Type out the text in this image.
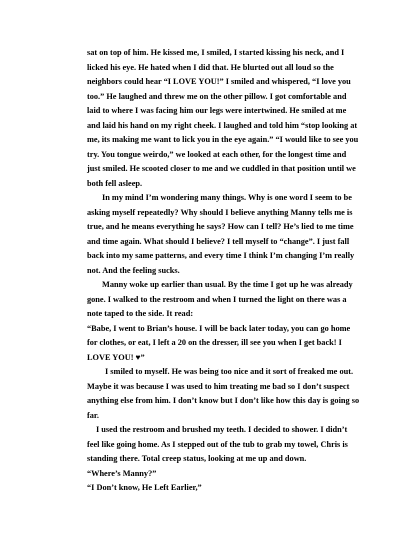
sat on top of him. He kissed me, I smiled, I started kissing his neck, and I
licked his eye. He hated when I did that. He blurted out all loud so the
neighbors could hear “I LOVE YOU!” I smiled and whispered, “I love you
too.” He laughed and threw me on the other pillow. I got comfortable and
laid to where I was facing him our legs were intertwined. He smiled at me
and laid his hand on my right cheek. I laughed and told him “stop looking at
me, its making me want to lick you in the eye again.” “I would like to see you
try. You tongue weirdo,” we looked at each other, for the longest time and
just smiled. He scooted closer to me and we cuddled in that position until we
both fell asleep.
In my mind I’m wondering many things. Why is one word I seem to be
asking myself repeatedly? Why should I believe anything Manny tells me is
true, and he means everything he says? How can I tell? He’s lied to me time
and time again. What should I believe? I tell myself to “change”. I just fall
back into my same patterns, and every time I think I’m changing I’m really
not. And the feeling sucks.
Manny woke up earlier than usual. By the time I got up he was already
gone. I walked to the restroom and when I turned the light on there was a
note taped to the side. It read:
“Babe, I went to Brian’s house. I will be back later today, you can go home
for clothes, or eat, I left a 20 on the dresser, ill see you when I get back! I
LOVE YOU! ♥”
I smiled to myself. He was being too nice and it sort of freaked me out.
Maybe it was because I was used to him treating me bad so I don’t suspect
anything else from him. I don’t know but I don’t like how this day is going so
far.
I used the restroom and brushed my teeth. I decided to shower. I didn’t
feel like going home. As I stepped out of the tub to grab my towel, Chris is
standing there. Total creep status, looking at me up and down.
“Where’s Manny?”
“I Don’t know, He Left Earlier,”
